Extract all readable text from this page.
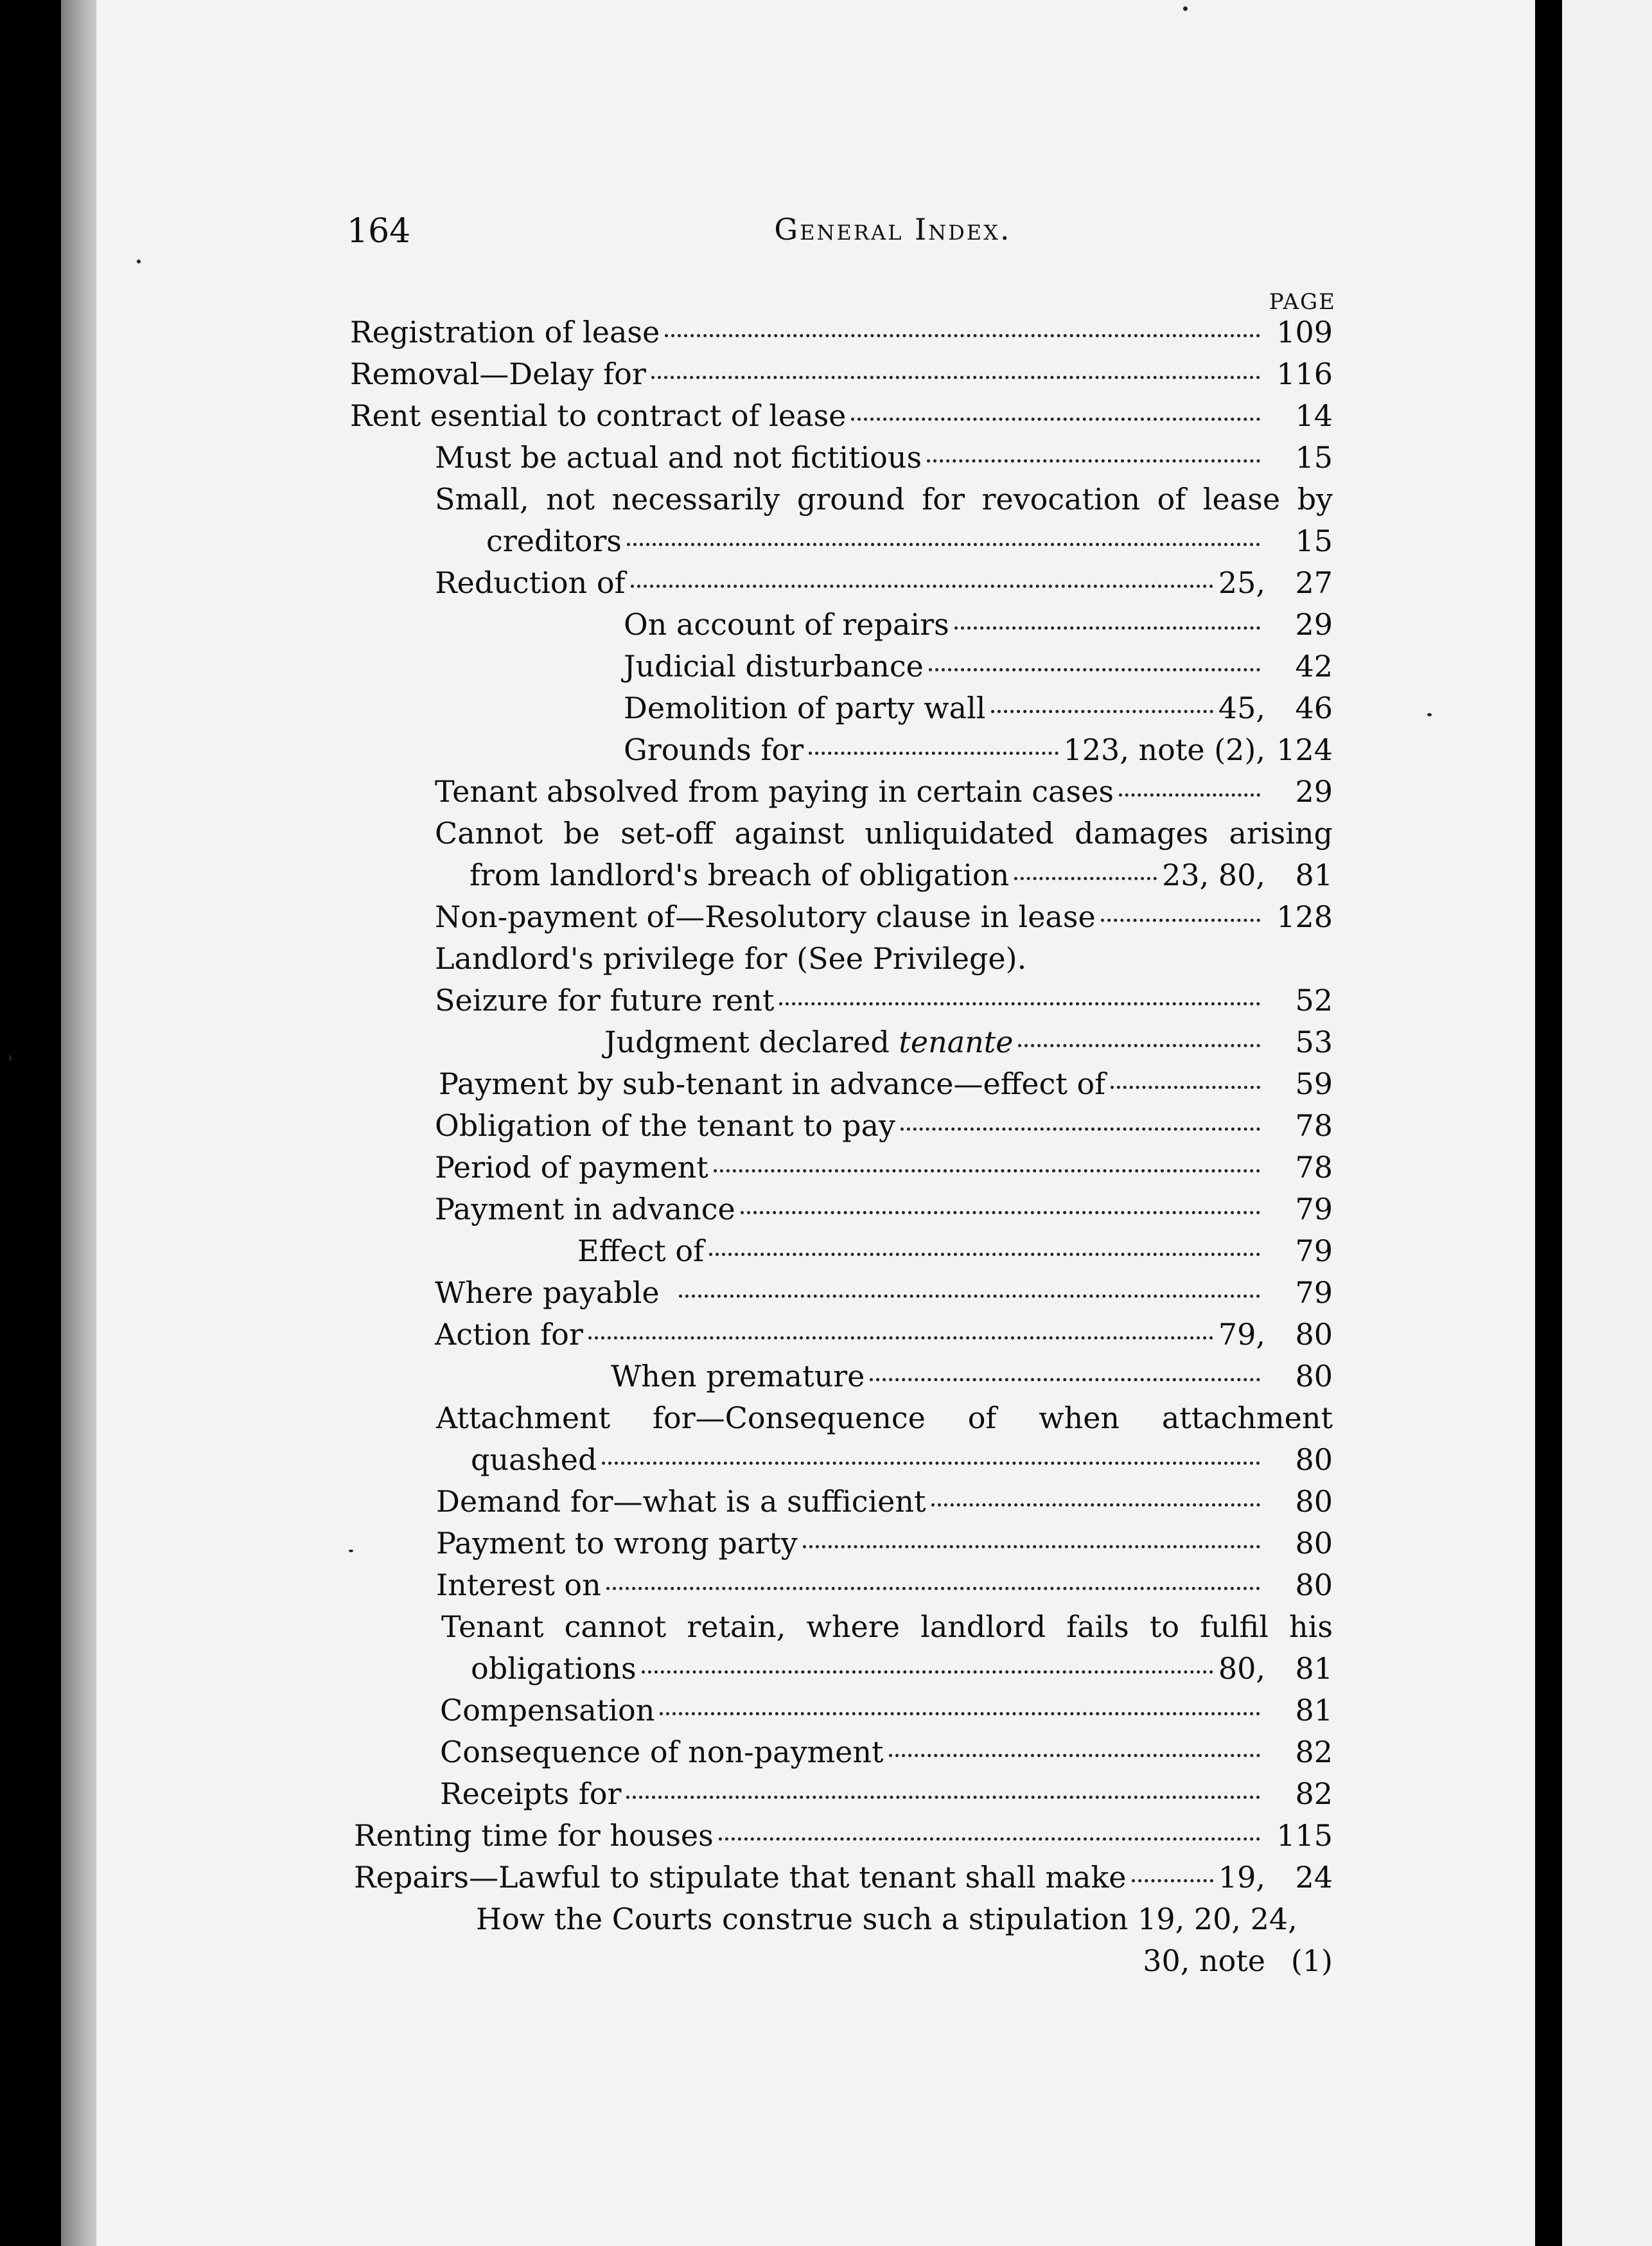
164	General Index.
PAGE
Registration of lease	109
Removal—Delay for	116
Rent esential to contract of lease	14
Must be actual and not fictitious	15
Small, not necessarily ground for revocation of lease by
creditors	15
Reduction of	25,	27
On account of repairs	29
Judicial disturbance	42
Demolition of party wall	45,	46
Grounds for	123, note (2), 124
Tenant absolved from paying in certain cases	29
Cannot be set-off against unliquidated damages arising
from landlord's breach of obligation	23, 80,	81
Non-payment of—Resolutory clause in lease	128
Landlord's privilege for (See Privilege).
Seizure for future rent	52
Judgment declared tenante	53
Payment by sub-tenant in advance—effect of	59
Obligation of the tenant to pay	78
Period of payment	78
Payment in advance	79
Effect of	79
Where payable	79
Action for	79,	80
When premature	80
Attachment for—Consequence of when attachment
quashed	80
Demand for—what is a sufficient	80
Payment to wrong party	80
Interest on	80
Tenant cannot retain, where landlord fails to fulfil his
obligations	80,	81
Compensation	81
Consequence of non-payment	82
Receipts for	82
Renting time for houses	115
Repairs—Lawful to stipulate that tenant shall make	19,	24
How the Courts construe such a stipulation 19, 20, 24,
30, note (1)
